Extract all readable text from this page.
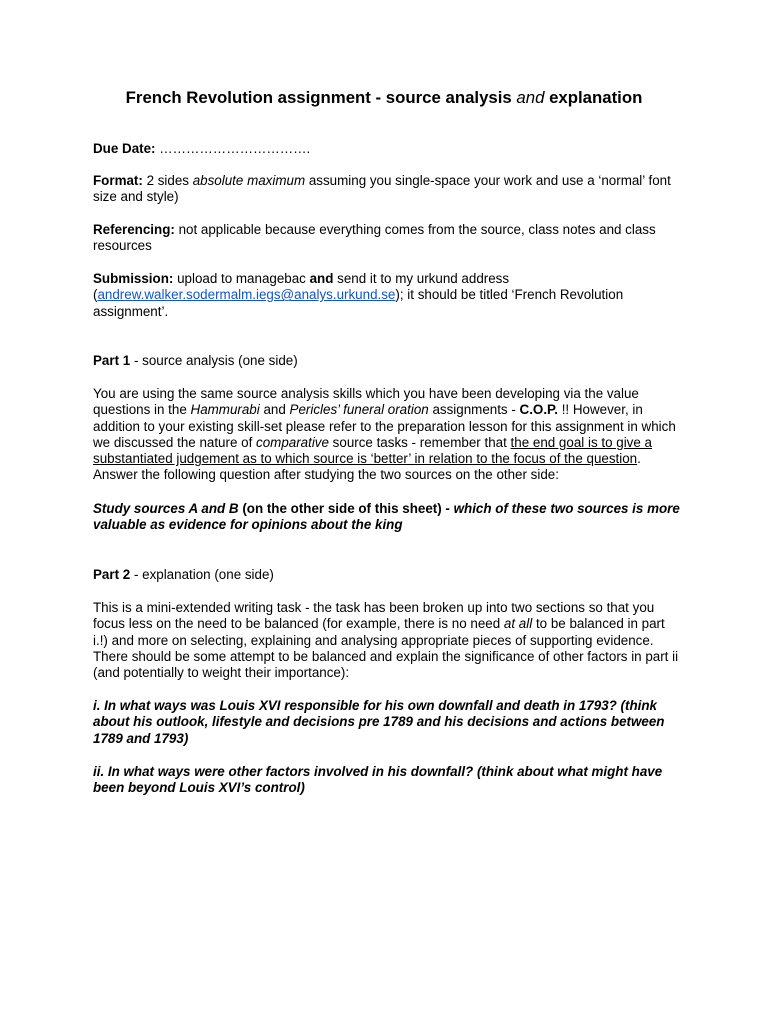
French Revolution assignment - source analysis and explanation
Due Date: …………………………….
Format: 2 sides absolute maximum assuming you single-space your work and use a ‘normal’ font size and style)
Referencing: not applicable because everything comes from the source, class notes and class resources
Submission: upload to managebac and send it to my urkund address (andrew.walker.sodermalm.iegs@analys.urkund.se); it should be titled ‘French Revolution assignment’.
Part 1 - source analysis (one side)
You are using the same source analysis skills which you have been developing via the value questions in the Hammurabi and Pericles’ funeral oration assignments - C.O.P. !! However, in addition to your existing skill-set please refer to the preparation lesson for this assignment in which we discussed the nature of comparative source tasks - remember that the end goal is to give a substantiated judgement as to which source is ‘better’ in relation to the focus of the question. Answer the following question after studying the two sources on the other side:
Study sources A and B (on the other side of this sheet) - which of these two sources is more valuable as evidence for opinions about the king
Part 2 - explanation (one side)
This is a mini-extended writing task - the task has been broken up into two sections so that you focus less on the need to be balanced (for example, there is no need at all to be balanced in part i.!) and more on selecting, explaining and analysing appropriate pieces of supporting evidence. There should be some attempt to be balanced and explain the significance of other factors in part ii (and potentially to weight their importance):
i. In what ways was Louis XVI responsible for his own downfall and death in 1793? (think about his outlook, lifestyle and decisions pre 1789 and his decisions and actions between 1789 and 1793)
ii. In what ways were other factors involved in his downfall? (think about what might have been beyond Louis XVI’s control)
